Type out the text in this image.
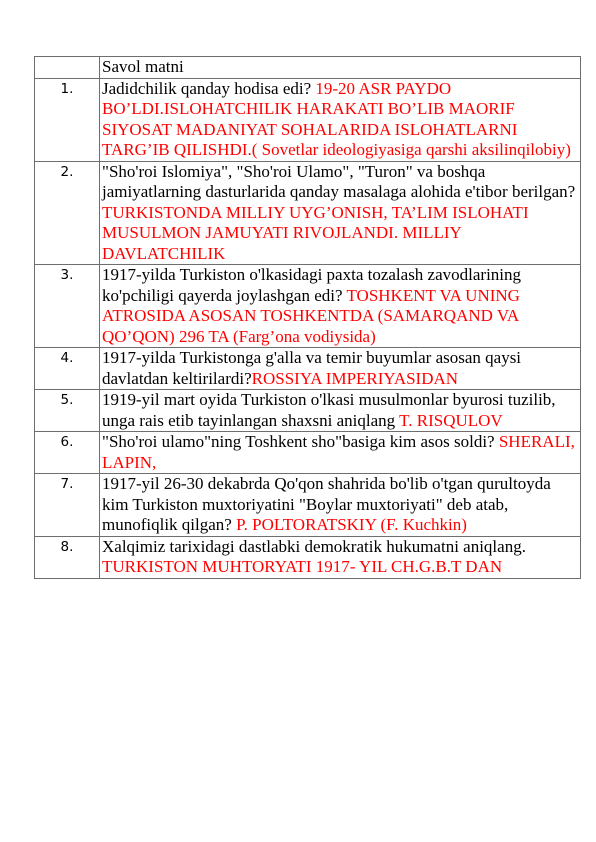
	Savol matni
1.	Jadidchilik qanday hodisa edi? 19-20 ASR PAYDO BO’LDI.ISLOHATCHILIK HARAKATI BO’LIB MAORIF SIYOSAT MADANIYAT SOHALARIDA ISLOHATLARNI TARG’IB QILISHDI.( Sovetlar ideologiyasiga qarshi aksilinqilobiy)
2.	"Sho'roi Islomiya", "Sho'roi Ulamo", "Turon" va boshqa jamiyatlarning dasturlarida qanday masalaga alohida e'tibor berilgan? TURKISTONDA MILLIY UYG’ONISH, TA’LIM ISLOHATI MUSULMON JAMUYATI RIVOJLANDI. MILLIY DAVLATCHILIK
3.	1917-yilda Turkiston o'lkasidagi paxta tozalash zavodlarining ko'pchiligi qayerda joylashgan edi? TOSHKENT VA UNING ATROSIDA ASOSAN TOSHKENTDA (SAMARQAND VA QO’QON) 296 TA (Farg’ona vodiysida)
4.	1917-yilda Turkistonga g'alla va temir buyumlar asosan qaysi davlatdan keltirilardi?ROSSIYA IMPERIYASIDAN
5.	1919-yil mart oyida Turkiston o'lkasi musulmonlar byurosi tuzilib, unga rais etib tayinlangan shaxsni aniqlang T. RISQULOV
6.	"Sho'roi ulamo"ning Toshkent sho"basiga kim asos soldi? SHERALI, LAPIN,
7.	1917-yil 26-30 dekabrda Qo'qon shahrida bo'lib o'tgan qurultoyda kim Turkiston muxtoriyatini "Boylar muxtoriyati" deb atab, munofiqlik qilgan? P. POLTORATSKIY (F. Kuchkin)
8.	Xalqimiz tarixidagi dastlabki demokratik hukumatni aniqlang. TURKISTON MUHTORYATI 1917- YIL CH.G.B.T DAN
